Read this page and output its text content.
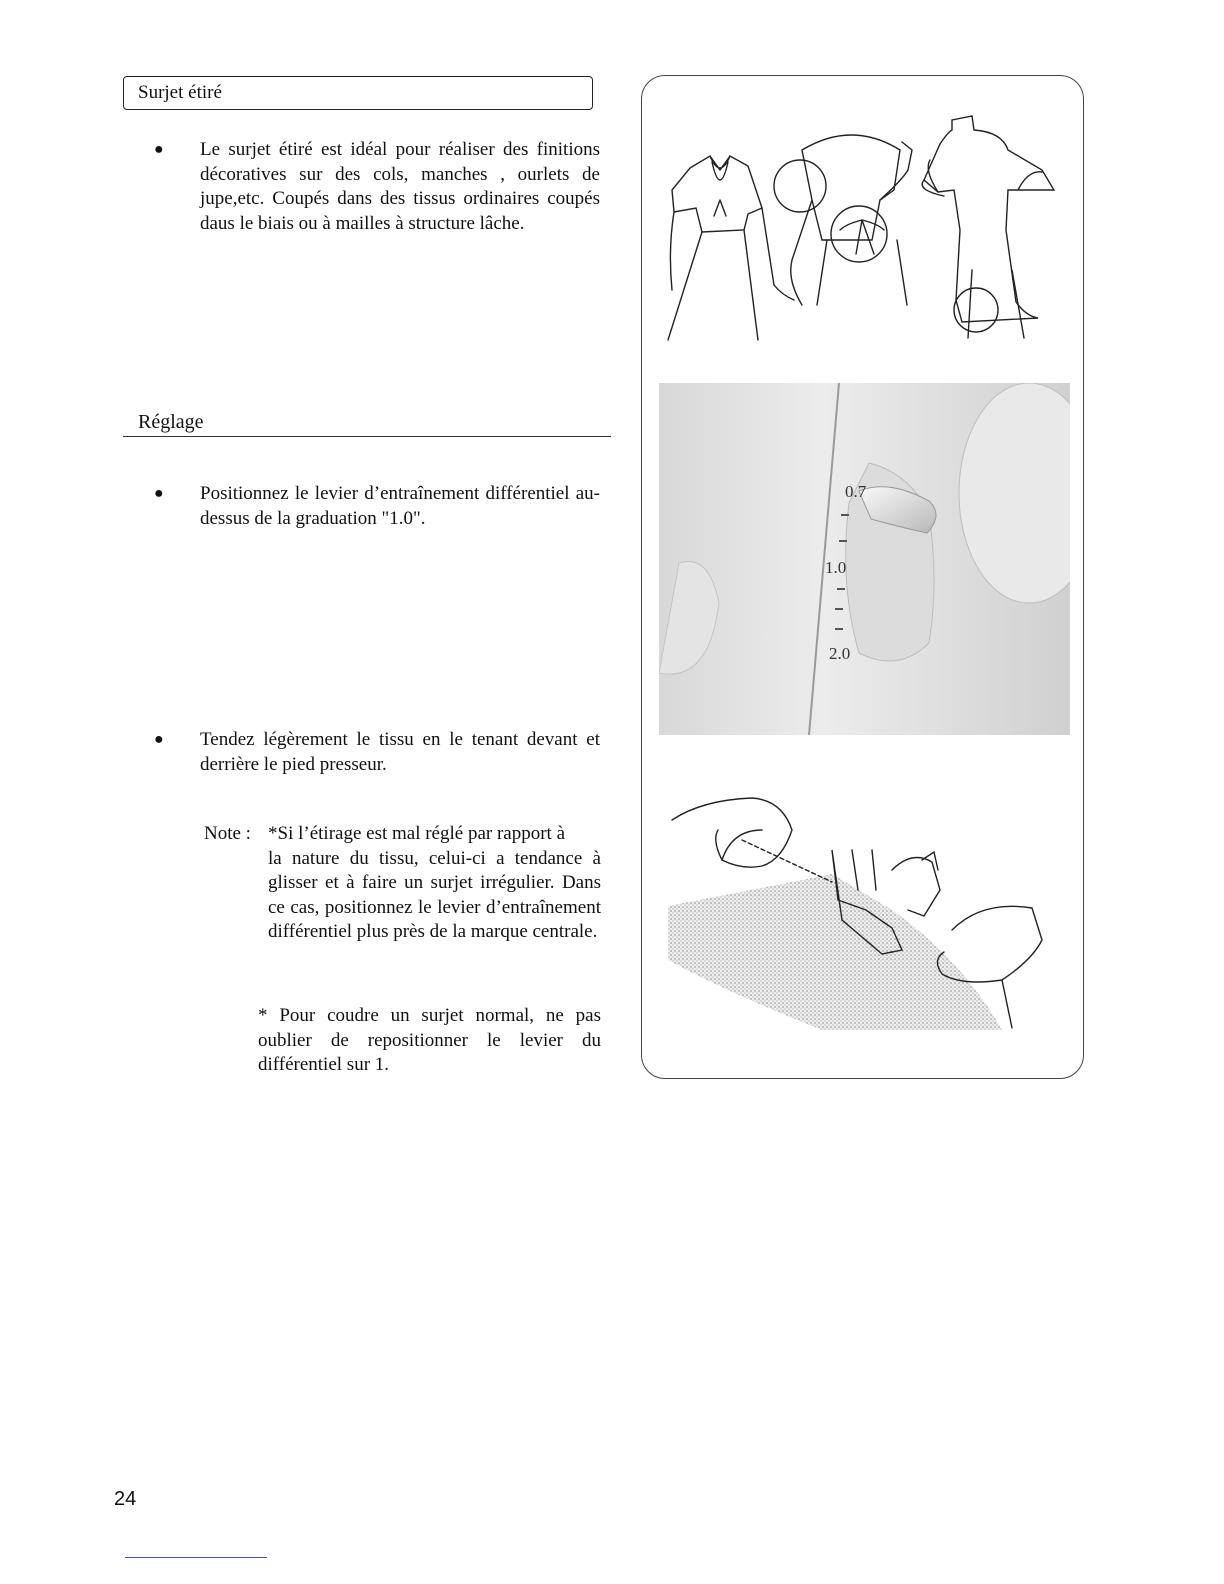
Surjet étiré
● Le surjet étiré est idéal pour réaliser des finitions décoratives sur des cols, manches , ourlets de jupe,etc. Coupés dans des tissus ordinaires coupés daus le biais ou à mailles à structure lâche.
Réglage
● Positionnez le levier d’entraînement différentiel au-dessus de la graduation "1.0".
● Tendez légèrement le tissu en le tenant devant et derrière le pied presseur.
Note : *Si l’étirage est mal réglé par rapport à
la nature du tissu, celui-ci a tendance à glisser et à faire un surjet irrégulier. Dans ce cas, positionnez le levier d’entraînement différentiel plus près de la marque centrale.
* Pour coudre un surjet normal, ne pas oublier de repositionner le levier du différentiel sur 1.
0.7
1.0
2.0
24
